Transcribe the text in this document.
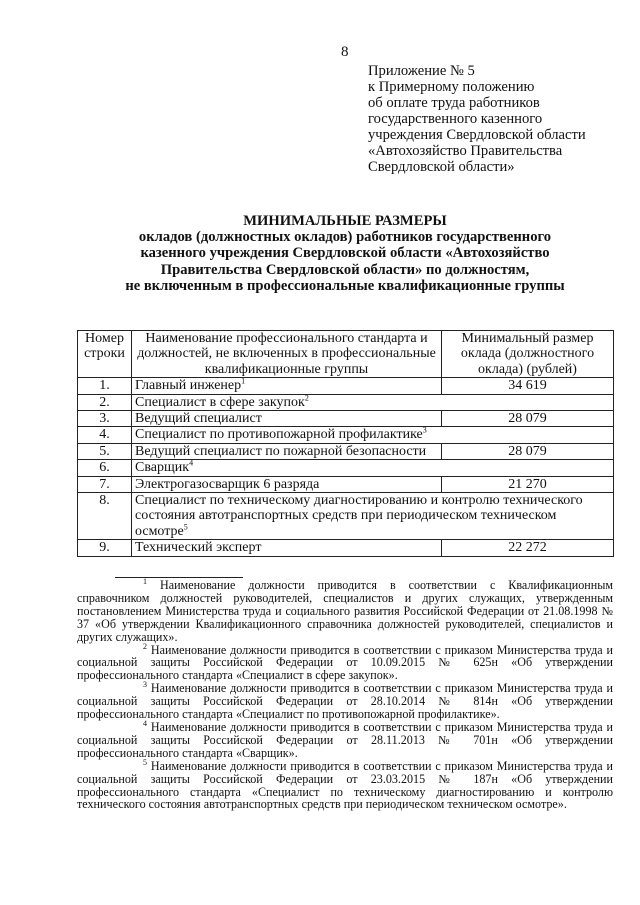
8
Приложение № 5
к Примерному положению
об оплате труда работников
государственного казенного
учреждения Свердловской области
«Автохозяйство Правительства
Свердловской области»
МИНИМАЛЬНЫЕ РАЗМЕРЫ
окладов (должностных окладов) работников государственного
казенного учреждения Свердловской области «Автохозяйство
Правительства Свердловской области» по должностям,
не включенным в профессиональные квалификационные группы
Номер строки	Наименование профессионального стандарта и должностей, не включенных в профессиональные квалификационные группы	Минимальный размер оклада (должностного оклада) (рублей)
1.	Главный инженер$^1$	34 619
2.	Специалист в сфере закупок$^2$
3.	Ведущий специалист	28 079
4.	Специалист по противопожарной профилактике$^3$
5.	Ведущий специалист по пожарной безопасности	28 079
6.	Сварщик$^4$
7.	Электрогазосварщик 6 разряда	21 270
8.	Специалист по техническому диагностированию и контролю технического состояния автотранспортных средств при периодическом техническом осмотре$^5$
9.	Технический эксперт	22 272

$^1$ Наименование должности приводится в соответствии с Квалификационным справочником должностей руководителей, специалистов и других служащих, утвержденным постановлением Министерства труда и социального развития Российской Федерации от 21.08.1998 № 37 «Об утверждении Квалификационного справочника должностей руководителей, специалистов и других служащих».

$^2$ Наименование должности приводится в соответствии с приказом Министерства труда и социальной защиты Российской Федерации от 10.09.2015 № 625н «Об утверждении профессионального стандарта «Специалист в сфере закупок».

$^3$ Наименование должности приводится в соответствии с приказом Министерства труда и социальной защиты Российской Федерации от 28.10.2014 № 814н «Об утверждении профессионального стандарта «Специалист по противопожарной профилактике».

$^4$ Наименование должности приводится в соответствии с приказом Министерства труда и социальной защиты Российской Федерации от 28.11.2013 № 701н «Об утверждении профессионального стандарта «Сварщик».

$^5$ Наименование должности приводится в соответствии с приказом Министерства труда и социальной защиты Российской Федерации от 23.03.2015 № 187н «Об утверждении профессионального стандарта «Специалист по техническому диагностированию и контролю технического состояния автотранспортных средств при периодическом техническом осмотре».
